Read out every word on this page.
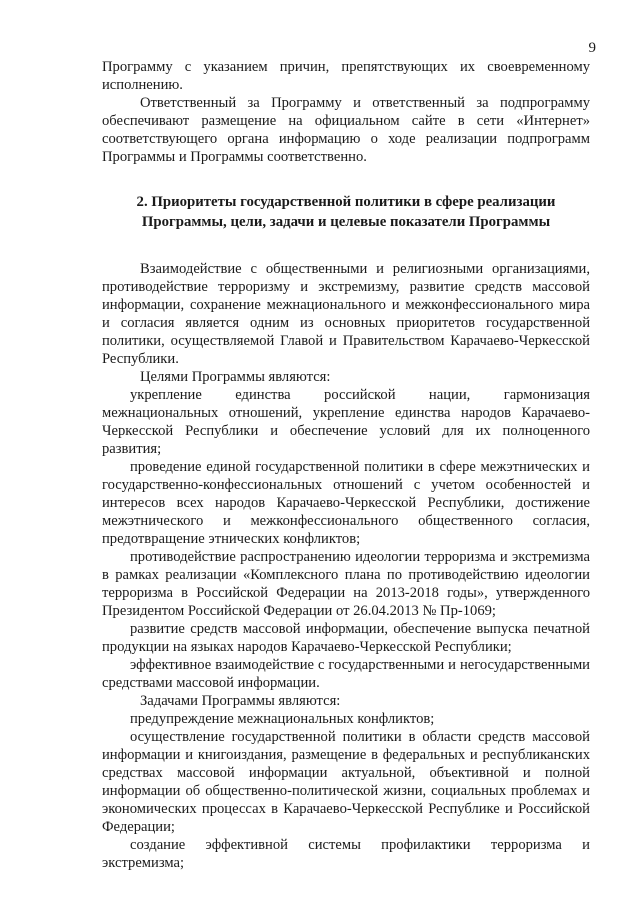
9

Программу с указанием причин, препятствующих их своевременному исполнению.

Ответственный за Программу и ответственный за подпрограмму обеспечивают размещение на официальном сайте в сети «Интернет» соответствующего органа информацию о ходе реализации подпрограмм Программы и Программы соответственно.

2. Приоритеты государственной политики в сфере реализации Программы, цели, задачи и целевые показатели Программы

Взаимодействие с общественными и религиозными организациями, противодействие терроризму и экстремизму, развитие средств массовой информации, сохранение межнационального и межконфессионального мира и согласия является одним из основных приоритетов государственной политики, осуществляемой Главой и Правительством Карачаево-Черкесской Республики.

Целями Программы являются:

укрепление единства российской нации, гармонизация межнациональных отношений, укрепление единства народов Карачаево-Черкесской Республики и обеспечение условий для их полноценного развития;

проведение единой государственной политики в сфере межэтнических и государственно-конфессиональных отношений с учетом особенностей и интересов всех народов Карачаево-Черкесской Республики, достижение межэтнического и межконфессионального общественного согласия, предотвращение этнических конфликтов;

противодействие распространению идеологии терроризма и экстремизма в рамках реализации «Комплексного плана по противодействию идеологии терроризма в Российской Федерации на 2013-2018 годы», утвержденного Президентом Российской Федерации от 26.04.2013 № Пр-1069;

развитие средств массовой информации, обеспечение выпуска печатной продукции на языках народов Карачаево-Черкесской Республики;

эффективное взаимодействие с государственными и негосударственными средствами массовой информации.

Задачами Программы являются:

предупреждение межнациональных конфликтов;

осуществление государственной политики в области средств массовой информации и книгоиздания, размещение в федеральных и республиканских средствах массовой информации актуальной, объективной и полной информации об общественно-политической жизни, социальных проблемах и экономических процессах в Карачаево-Черкесской Республике и Российской Федерации;

создание эффективной системы профилактики терроризма и экстремизма;
